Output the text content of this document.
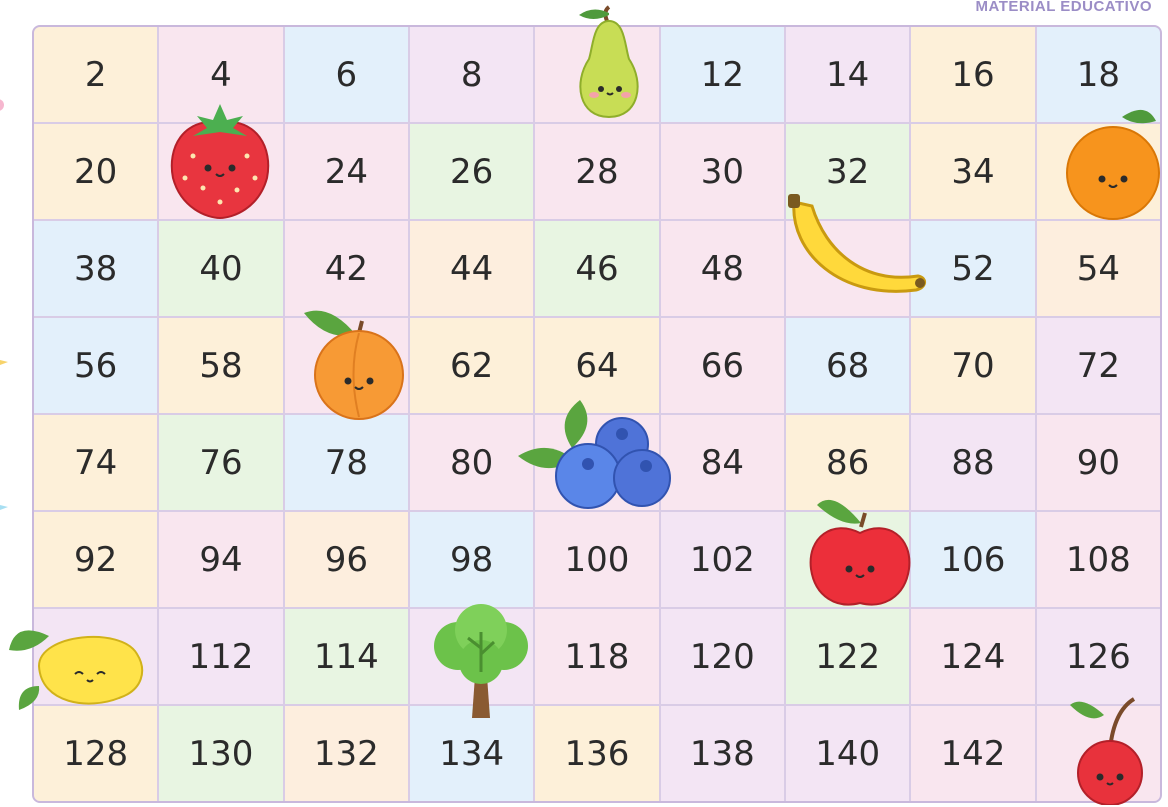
MATERIAL EDUCATIVO
2	4	6	8	12	14	16	18
20	24	26	28	30	32	34
38	40	42	44	46	48	52	54
56	58	62	64	66	68	70	72
74	76	78	80	84	86	88	90
92	94	96	98	100	102	106	108
112	114	118	120	122	124	126
128	130	132	134	136	138	140	142
